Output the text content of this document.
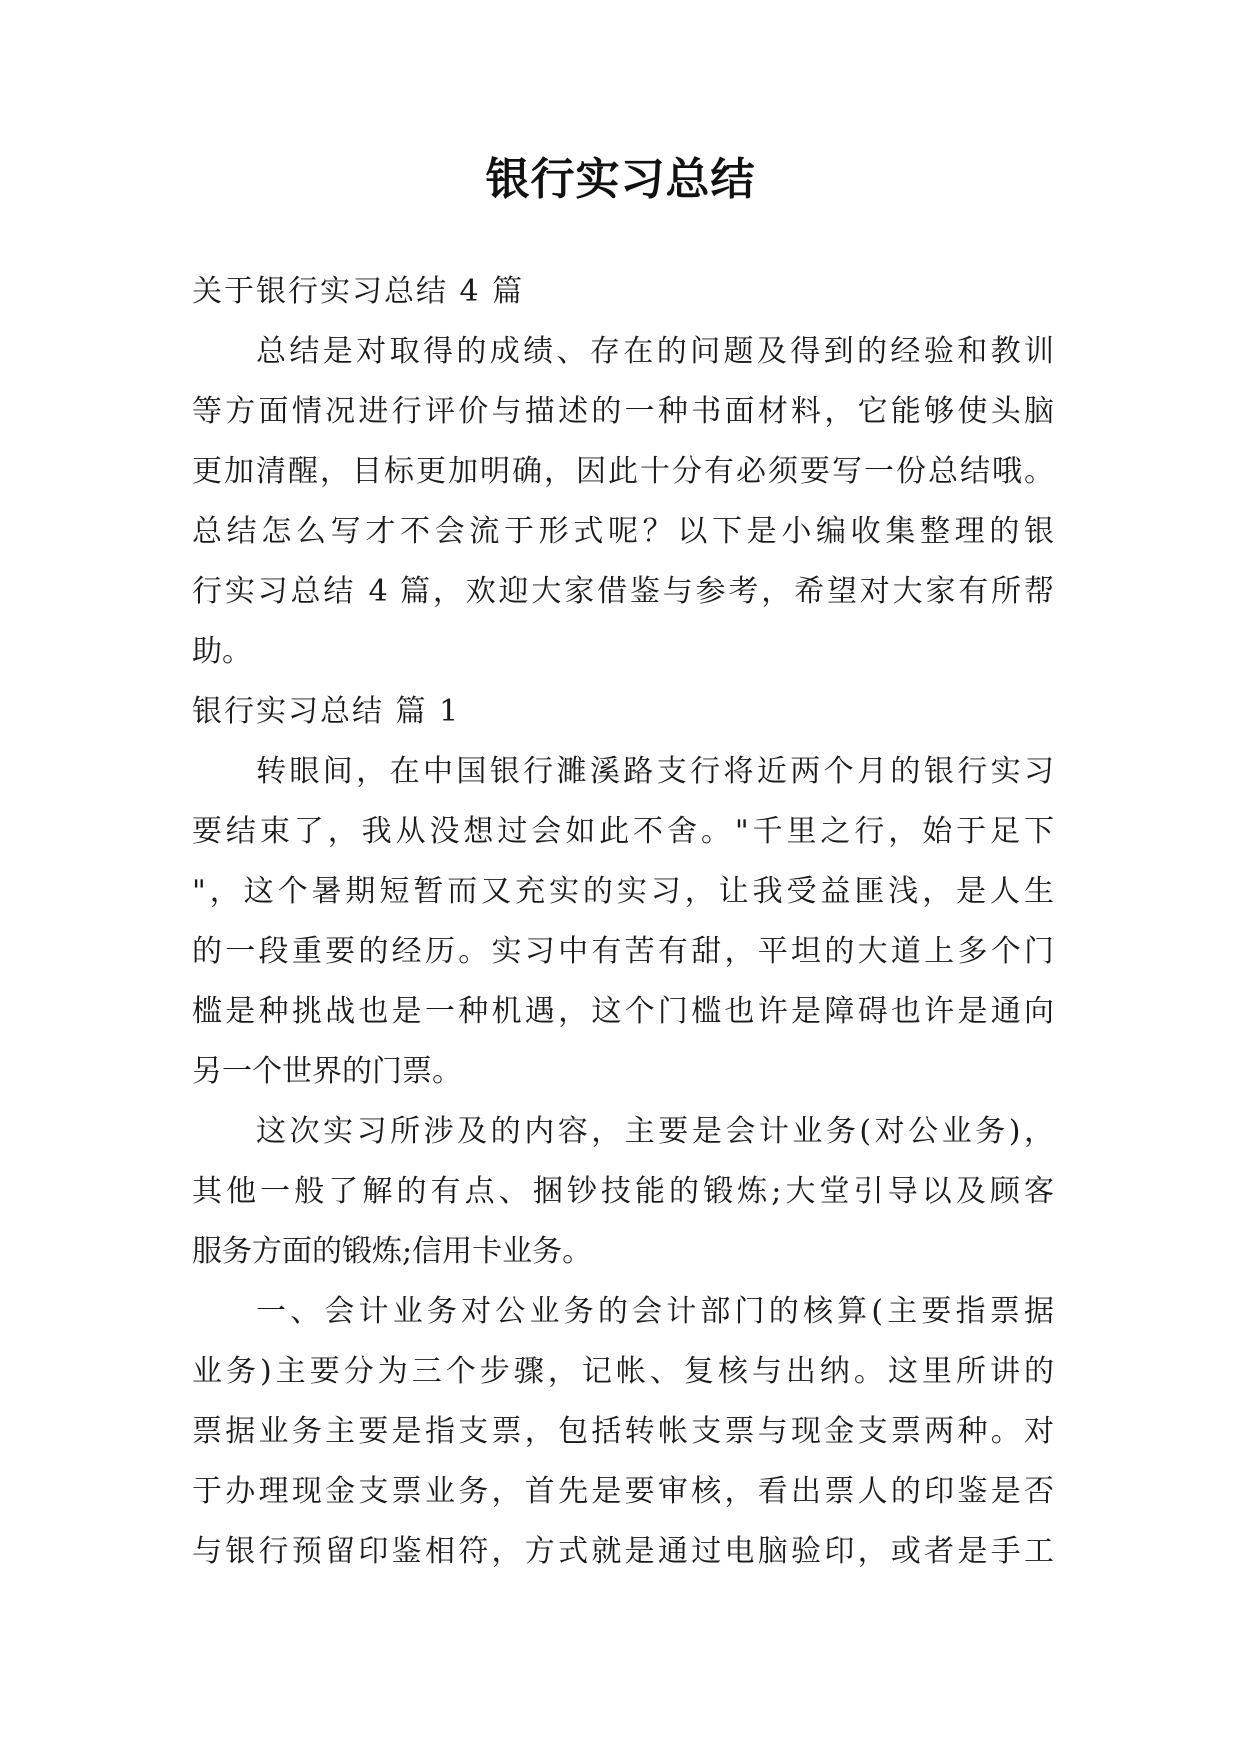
银行实习总结
关于银行实习总结 4 篇
总结是对取得的成绩、存在的问题及得到的经验和教训
等方面情况进行评价与描述的一种书面材料，它能够使头脑
更加清醒，目标更加明确，因此十分有必须要写一份总结哦。
总结怎么写才不会流于形式呢？以下是小编收集整理的银
行实习总结 4 篇，欢迎大家借鉴与参考，希望对大家有所帮
助。
银行实习总结 篇 1
转眼间，在中国银行濉溪路支行将近两个月的银行实习
要结束了，我从没想过会如此不舍。"千里之行，始于足下
"，这个暑期短暂而又充实的实习，让我受益匪浅，是人生
的一段重要的经历。实习中有苦有甜，平坦的大道上多个门
槛是种挑战也是一种机遇，这个门槛也许是障碍也许是通向
另一个世界的门票。
这次实习所涉及的内容，主要是会计业务(对公业务)，
其他一般了解的有点、捆钞技能的锻炼;大堂引导以及顾客
服务方面的锻炼;信用卡业务。
一、会计业务对公业务的会计部门的核算(主要指票据
业务)主要分为三个步骤，记帐、复核与出纳。这里所讲的
票据业务主要是指支票，包括转帐支票与现金支票两种。对
于办理现金支票业务，首先是要审核，看出票人的印鉴是否
与银行预留印鉴相符，方式就是通过电脑验印，或者是手工
